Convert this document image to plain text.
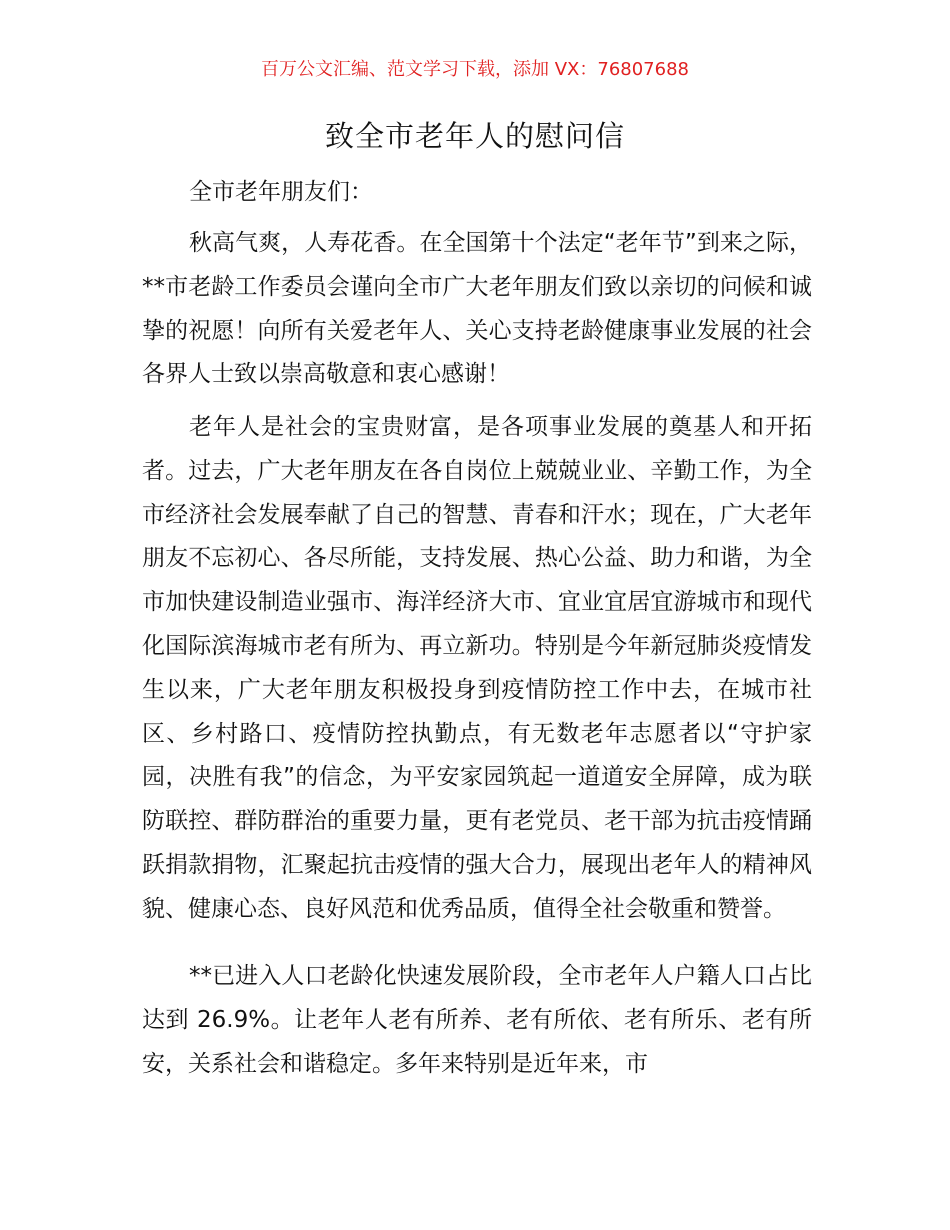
百万公文汇编、范文学习下载，添加 VX：76807688
致全市老年人的慰问信
全市老年朋友们：

秋高气爽，人寿花香。在全国第十个法定“老年节”到来之际，**市老龄工作委员会谨向全市广大老年朋友们致以亲切的问候和诚挚的祝愿！向所有关爱老年人、关心支持老龄健康事业发展的社会各界人士致以崇高敬意和衷心感谢！

老年人是社会的宝贵财富，是各项事业发展的奠基人和开拓者。过去，广大老年朋友在各自岗位上兢兢业业、辛勤工作，为全市经济社会发展奉献了自己的智慧、青春和汗水；现在，广大老年朋友不忘初心、各尽所能，支持发展、热心公益、助力和谐，为全市加快建设制造业强市、海洋经济大市、宜业宜居宜游城市和现代化国际滨海城市老有所为、再立新功。特别是今年新冠肺炎疫情发生以来，广大老年朋友积极投身到疫情防控工作中去，在城市社区、乡村路口、疫情防控执勤点，有无数老年志愿者以“守护家园，决胜有我”的信念，为平安家园筑起一道道安全屏障，成为联防联控、群防群治的重要力量，更有老党员、老干部为抗击疫情踊跃捐款捐物，汇聚起抗击疫情的强大合力，展现出老年人的精神风貌、健康心态、良好风范和优秀品质，值得全社会敬重和赞誉。

**已进入人口老龄化快速发展阶段，全市老年人户籍人口占比达到 26.9%。让老年人老有所养、老有所依、老有所乐、老有所安，关系社会和谐稳定。多年来特别是近年来，市
